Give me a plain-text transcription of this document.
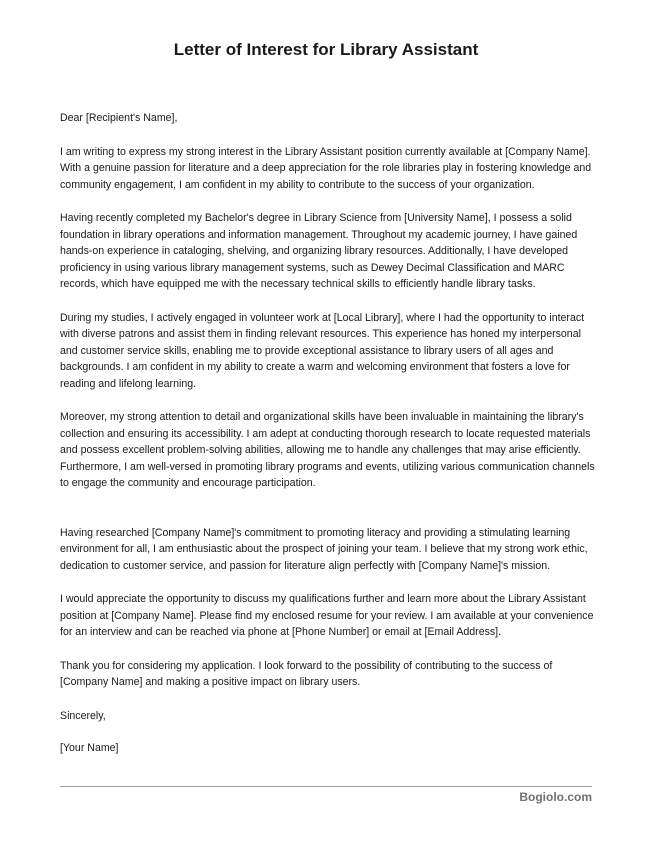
Letter of Interest for Library Assistant

Dear [Recipient's Name],

I am writing to express my strong interest in the Library Assistant position currently available at [Company Name]. With a genuine passion for literature and a deep appreciation for the role libraries play in fostering knowledge and community engagement, I am confident in my ability to contribute to the success of your organization.

Having recently completed my Bachelor's degree in Library Science from [University Name], I possess a solid foundation in library operations and information management. Throughout my academic journey, I have gained hands-on experience in cataloging, shelving, and organizing library resources. Additionally, I have developed proficiency in using various library management systems, such as Dewey Decimal Classification and MARC records, which have equipped me with the necessary technical skills to efficiently handle library tasks.

During my studies, I actively engaged in volunteer work at [Local Library], where I had the opportunity to interact with diverse patrons and assist them in finding relevant resources. This experience has honed my interpersonal and customer service skills, enabling me to provide exceptional assistance to library users of all ages and backgrounds. I am confident in my ability to create a warm and welcoming environment that fosters a love for reading and lifelong learning.

Moreover, my strong attention to detail and organizational skills have been invaluable in maintaining the library's collection and ensuring its accessibility. I am adept at conducting thorough research to locate requested materials and possess excellent problem-solving abilities, allowing me to handle any challenges that may arise efficiently. Furthermore, I am well-versed in promoting library programs and events, utilizing various communication channels to engage the community and encourage participation.

Having researched [Company Name]'s commitment to promoting literacy and providing a stimulating learning environment for all, I am enthusiastic about the prospect of joining your team. I believe that my strong work ethic, dedication to customer service, and passion for literature align perfectly with [Company Name]'s mission.

I would appreciate the opportunity to discuss my qualifications further and learn more about the Library Assistant position at [Company Name]. Please find my enclosed resume for your review. I am available at your convenience for an interview and can be reached via phone at [Phone Number] or email at [Email Address].

Thank you for considering my application. I look forward to the possibility of contributing to the success of [Company Name] and making a positive impact on library users.

Sincerely,

[Your Name]

Bogiolo.com
